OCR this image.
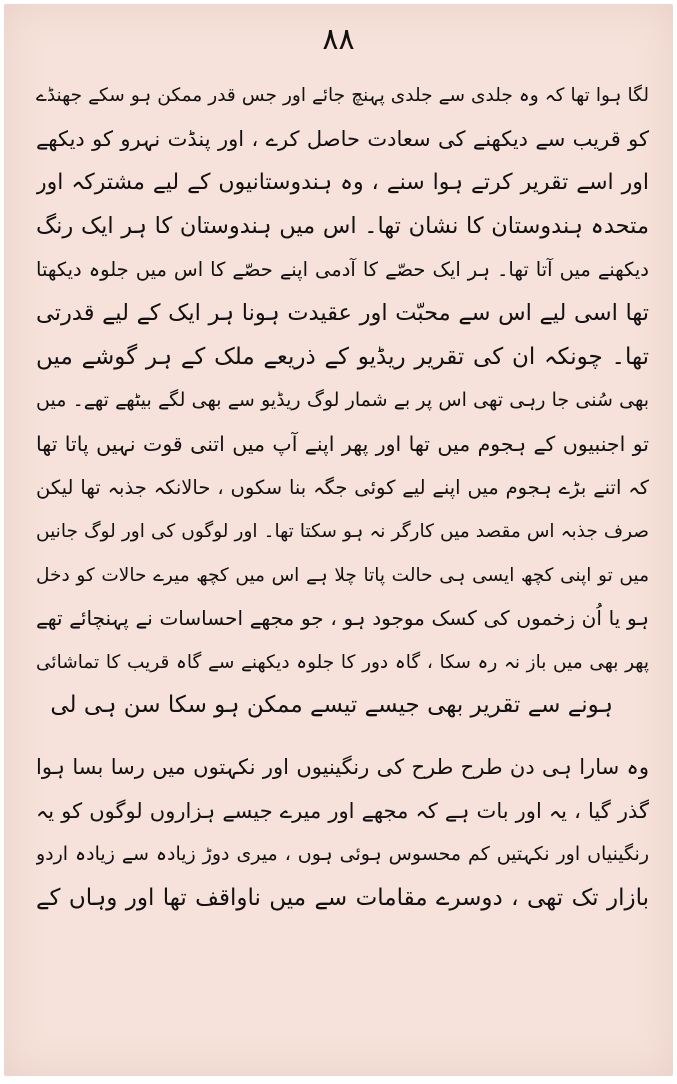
۸۸
لگا ہوا تھا کہ وہ جلدی سے جلدی پہنچ جائے اور جس قدر ممکن ہو سکے جھنڈے
کو قریب سے دیکھنے کی سعادت حاصل کرے ، اور پنڈت نہرو کو دیکھے
اور اسے تقریر کرتے ہوا سنے ، وہ ہندوستانیوں کے لیے مشترکہ اور
متحدہ ہندوستان کا نشان تھا۔ اس میں ہندوستان کا ہر ایک رنگ
دیکھنے میں آتا تھا۔ ہر ایک حصّے کا آدمی اپنے حصّے کا اس میں جلوہ دیکھتا
تھا اسی لیے اس سے محبّت اور عقیدت ہونا ہر ایک کے لیے قدرتی
تھا۔ چونکہ ان کی تقریر ریڈیو کے ذریعے ملک کے ہر گوشے میں
بھی سُنی جا رہی تھی اس پر بے شمار لوگ ریڈیو سے بھی لگے بیٹھے تھے۔ میں
تو اجنبیوں کے ہجوم میں تھا اور پھر اپنے آپ میں اتنی قوت نہیں پاتا تھا
کہ اتنے بڑے ہجوم میں اپنے لیے کوئی جگہ بنا سکوں ، حالانکہ جذبہ تھا لیکن
صرف جذبہ اس مقصد میں کارگر نہ ہو سکتا تھا۔ اور لوگوں کی اور لوگ جانیں
میں تو اپنی کچھ ایسی ہی حالت پاتا چلا ہے اس میں کچھ میرے حالات کو دخل
ہو یا اُن زخموں کی کسک موجود ہو ، جو مجھے احساسات نے پہنچائے تھے
پھر بھی میں باز نہ رہ سکا ، گاہ دور کا جلوہ دیکھنے سے گاہ قریب کا تماشائی
ہونے سے تقریر بھی جیسے تیسے ممکن ہو سکا سن ہی لی
وہ سارا ہی دن طرح طرح کی رنگینیوں اور نکہتوں میں رسا بسا ہوا
گذر گیا ، یہ اور بات ہے کہ مجھے اور میرے جیسے ہزاروں لوگوں کو یہ
رنگینیاں اور نکہتیں کم محسوس ہوئی ہوں ، میری دوڑ زیادہ سے زیادہ اردو
بازار تک تھی ، دوسرے مقامات سے میں ناواقف تھا اور وہاں کے
